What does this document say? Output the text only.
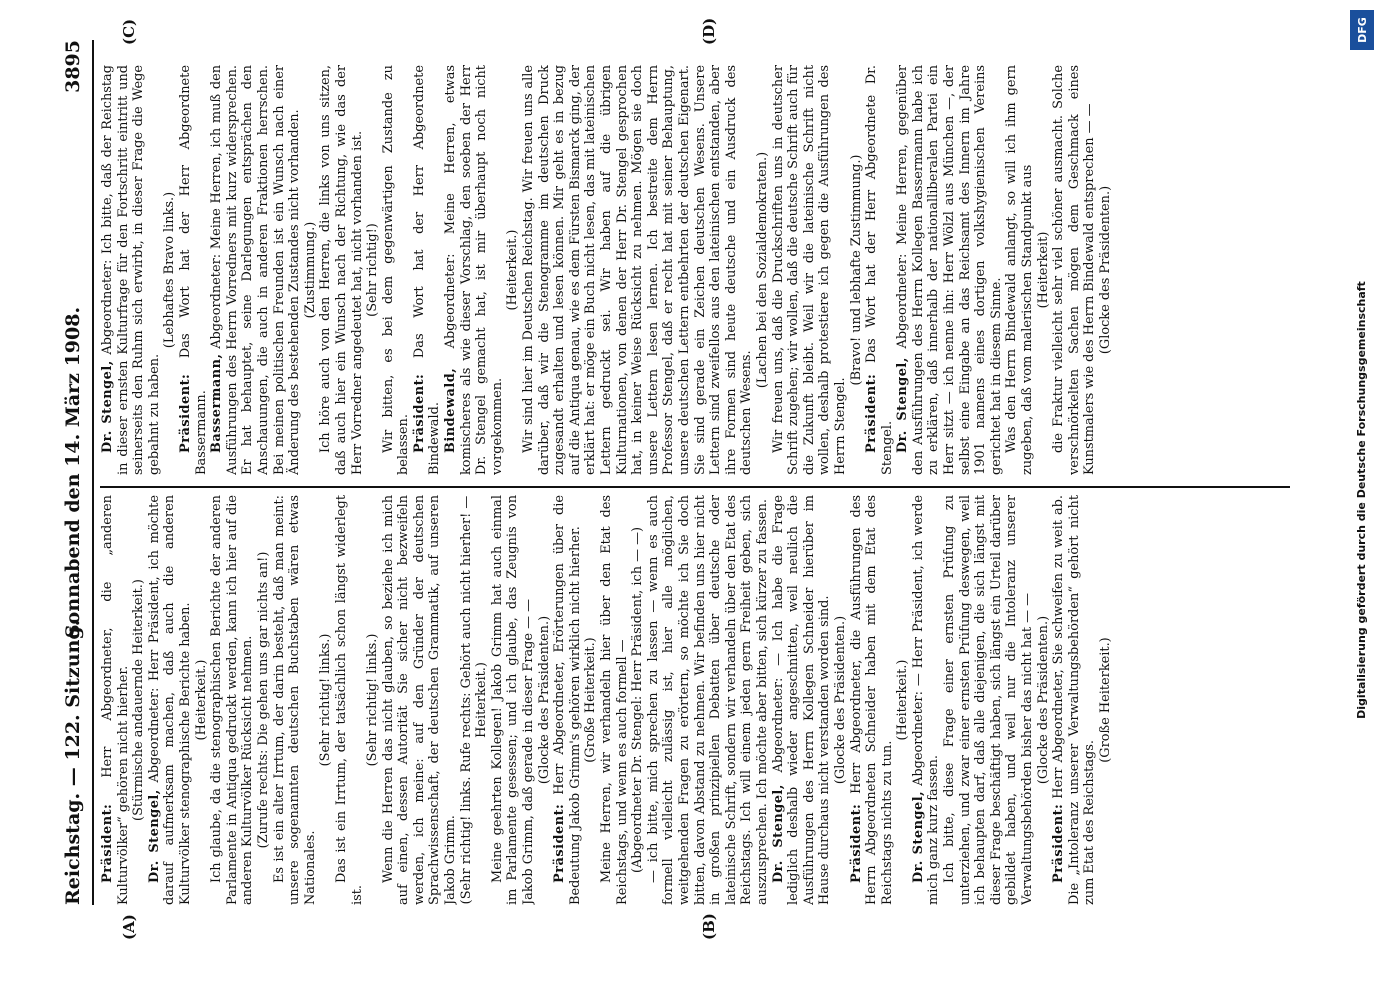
Reichstag. — 122. Sitzung.
Sonnabend den 14. März 1908.
3895
(A)	(B)
(C)	(D)

Präsident: Herr Abgeordneter, die „anderen Kulturvölker“ gehören nicht hierher. (Stürmische andauernde Heiterkeit.)

Dr. Stengel, Abgeordneter: Herr Präsident, ich möchte darauf aufmerksam machen, daß auch die anderen Kulturvölker stenographische Berichte haben. (Heiterkeit.) Ich glaube, da die stenographischen Berichte der anderen Parlamente in Antiqua gedruckt werden, kann ich hier auf die anderen Kulturvölker Rücksicht nehmen. (Zurufe rechts: Die gehen uns gar nichts an!) Es ist ein alter Irrtum, der darin besteht, daß man meint: unsere sogenannten deutschen Buchstaben wären etwas Nationales.

(Sehr richtig! links.) Das ist ein Irrtum, der tatsächlich schon längst widerlegt ist.

(Sehr richtig! links.) Wenn die Herren das nicht glauben, so beziehe ich mich auf einen, dessen Autorität Sie sicher nicht bezweifeln werden, ich meine: auf den Gründer der deutschen Sprachwissenschaft, der deutschen Grammatik, auf unseren Jakob Grimm. (Sehr richtig! links. Rufe rechts: Gehört auch nicht hierher! — Heiterkeit.) Meine geehrten Kollegen! Jakob Grimm hat auch einmal im Parlamente gesessen; und ich glaube, das Zeugnis von Jakob Grimm, daß gerade in dieser Frage — — (Glocke des Präsidenten.)

Präsident: Herr Abgeordneter, Erörterungen über die Bedeutung Jakob Grimm's gehören wirklich nicht hierher. (Große Heiterkeit.) Meine Herren, wir verhandeln hier über den Etat des Reichstags, und wenn es auch formell — (Abgeordneter Dr. Stengel: Herr Präsident, ich — —) — ich bitte, mich sprechen zu lassen — wenn es auch formell vielleicht zulässig ist, hier alle möglichen, weitgehenden Fragen zu erörtern, so möchte ich Sie doch bitten, davon Abstand zu nehmen. Wir befinden uns hier nicht in großen prinzipiellen Debatten über deutsche oder lateinische Schrift, sondern wir verhandeln über den Etat des Reichstags. Ich will einem jeden gern Freiheit geben, sich auszusprechen. Ich möchte aber bitten, sich kürzer zu fassen. Dr. Stengel, Abgeordneter: — Ich habe die Frage lediglich deshalb wieder angeschnitten, weil neulich die Ausführungen des Herrn Kollegen Schneider hierüber im Hause durchaus nicht verstanden worden sind. (Glocke des Präsidenten.)

Präsident: Herr Abgeordneter, die Ausführungen des Herrn Abgeordneten Schneider haben mit dem Etat des Reichstags nichts zu tun.

(Heiterkeit.)

Dr. Stengel, Abgeordneter: — Herr Präsident, ich werde mich ganz kurz fassen. Ich bitte, diese Frage einer ernsten Prüfung zu unterziehen, und zwar einer ernsten Prüfung deswegen, weil ich behaupten darf, daß alle diejenigen, die sich längst mit dieser Frage beschäftigt haben, sich längst ein Urteil darüber gebildet haben, und weil nur die Intoleranz unserer Verwaltungsbehörden bisher das nicht hat — — (Glocke des Präsidenten.)

Präsident: Herr Abgeordneter, Sie schweifen zu weit ab. Die „Intoleranz unserer Verwaltungsbehörden“ gehört nicht zum Etat des Reichstags.

(Große Heiterkeit.)

Dr. Stengel, Abgeordneter: Ich bitte, daß der Reichstag in dieser ernsten Kulturfrage für den Fortschritt eintritt und seinerseits den Ruhm sich erwirbt, in dieser Frage die Wege gebahnt zu haben.

(Lebhaftes Bravo links.)

Präsident: Das Wort hat der Herr Abgeordnete Bassermann. Bassermann, Abgeordneter: Meine Herren, ich muß den Ausführungen des Herrn Vorredners mit kurz widersprechen. Er hat behauptet, seine Darlegungen entsprächen den Anschauungen, die auch in anderen Fraktionen herrschen. Bei meinen politischen Freunden ist ein Wunsch nach einer Änderung des bestehenden Zustandes nicht vorhanden. (Zustimmung.) Ich höre auch von den Herren, die links von uns sitzen, daß auch hier ein Wunsch nach der Richtung, wie das der Herr Vorredner angedeutet hat, nicht vorhanden ist. (Sehr richtig!) Wir bitten, es bei dem gegenwärtigen Zustande zu belassen. Präsident: Das Wort hat der Herr Abgeordnete Bindewald. Bindewald, Abgeordneter: Meine Herren, etwas komischeres als wie dieser Vorschlag, den soeben der Herr Dr. Stengel gemacht hat, ist mir überhaupt noch nicht vorgekommen.

(Heiterkeit.) Wir sind hier im Deutschen Reichstag. Wir freuen uns alle darüber, daß wir die Stenogramme im deutschen Druck zugesandt erhalten und lesen können. Mir geht es in bezug auf die Antiqua genau, wie es dem Fürsten Bismarck ging, der erklärt hat: er möge ein Buch nicht lesen, das mit lateinischen Lettern gedruckt sei. Wir haben auf die übrigen Kulturnationen, von denen der Herr Dr. Stengel gesprochen hat, in keiner Weise Rücksicht zu nehmen. Mögen sie doch unsere Lettern lesen lernen. Ich bestreite dem Herrn Professor Stengel, daß er recht hat mit seiner Behauptung, unsere deutschen Lettern entbehrten der deutschen Eigenart. Sie sind gerade ein Zeichen deutschen Wesens. Unsere Lettern sind zweifellos aus den lateinischen entstanden, aber ihre Formen sind heute deutsche und ein Ausdruck des deutschen Wesens.

(Lachen bei den Sozialdemokraten.) Wir freuen uns, daß die Druckschriften uns in deutscher Schrift zugehen; wir wollen, daß die deutsche Schrift auch für die Zukunft bleibt. Weil wir die lateinische Schrift nicht wollen, deshalb protestiere ich gegen die Ausführungen des Herrn Stengel.

(Bravo! und lebhafte Zustimmung.)

Präsident: Das Wort hat der Herr Abgeordnete Dr. Stengel. Dr. Stengel, Abgeordneter: Meine Herren, gegenüber den Ausführungen des Herrn Kollegen Bassermann habe ich zu erklären, daß innerhalb der nationalliberalen Partei ein Herr sitzt — ich nenne ihn: Herr Wölzl aus München —, der selbst eine Eingabe an das Reichsamt des Innern im Jahre 1901 namens eines dortigen volkshygienischen Vereins gerichtet hat in diesem Sinne. Was den Herrn Bindewald anlangt, so will ich ihm gern zugeben, daß vom malerischen Standpunkt aus (Heiterkeit) die Fraktur vielleicht sehr viel schöner ausmacht. Solche verschnörkelten Sachen mögen dem Geschmack eines Kunstmalers wie des Herrn Bindewald entsprechen — — (Glocke des Präsidenten.)

Digitalisierung gefördert durch die Deutsche Forschungsgemeinschaft
DFG
